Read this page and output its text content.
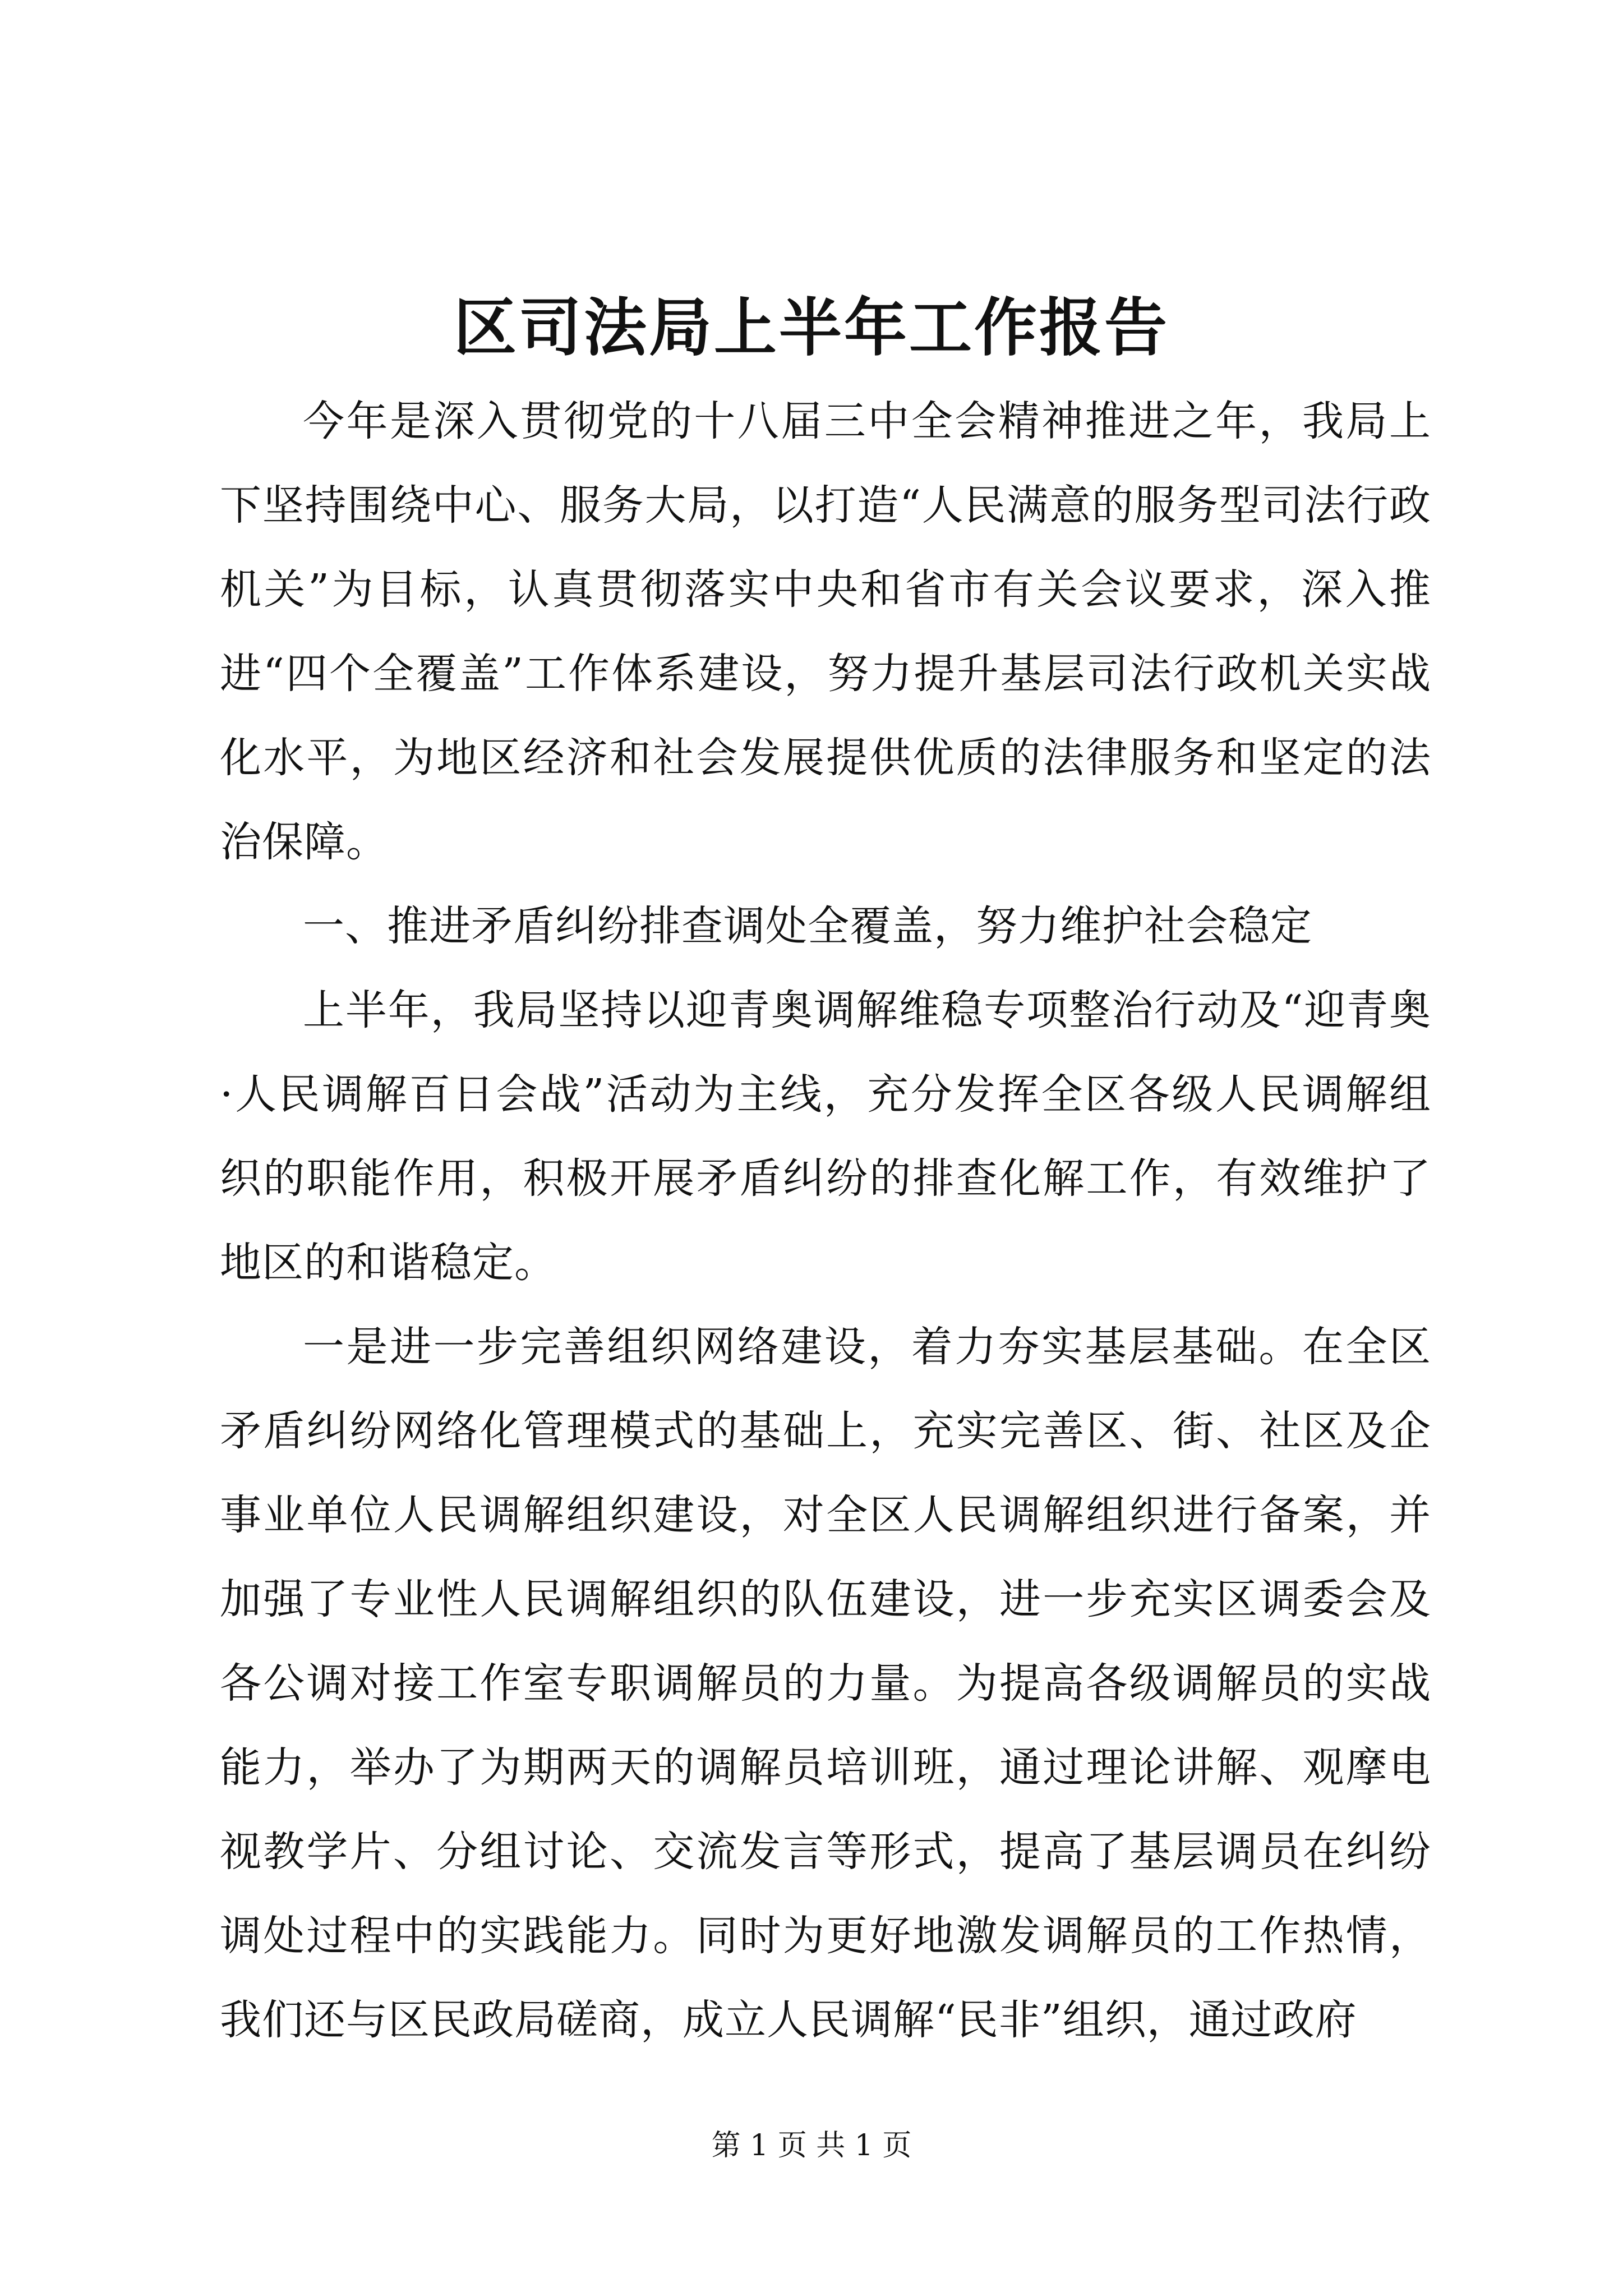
区司法局上半年工作报告

今年是深入贯彻党的十八届三中全会精神推进之年，我局上下坚持围绕中心、服务大局，以打造“人民满意的服务型司法行政机关”为目标，认真贯彻落实中央和省市有关会议要求，深入推进“四个全覆盖”工作体系建设，努力提升基层司法行政机关实战化水平，为地区经济和社会发展提供优质的法律服务和坚定的法治保障。

一、推进矛盾纠纷排查调处全覆盖，努力维护社会稳定

上半年，我局坚持以迎青奥调解维稳专项整治行动及“迎青奥·人民调解百日会战”活动为主线，充分发挥全区各级人民调解组织的职能作用，积极开展矛盾纠纷的排查化解工作，有效维护了地区的和谐稳定。

一是进一步完善组织网络建设，着力夯实基层基础。在全区矛盾纠纷网络化管理模式的基础上，充实完善区、街、社区及企事业单位人民调解组织建设，对全区人民调解组织进行备案，并加强了专业性人民调解组织的队伍建设，进一步充实区调委会及各公调对接工作室专职调解员的力量。为提高各级调解员的实战能力，举办了为期两天的调解员培训班，通过理论讲解、观摩电视教学片、分组讨论、交流发言等形式，提高了基层调员在纠纷调处过程中的实践能力。同时为更好地激发调解员的工作热情，我们还与区民政局磋商，成立人民调解“民非”组织，通过政府

第 1 页 共 1 页
